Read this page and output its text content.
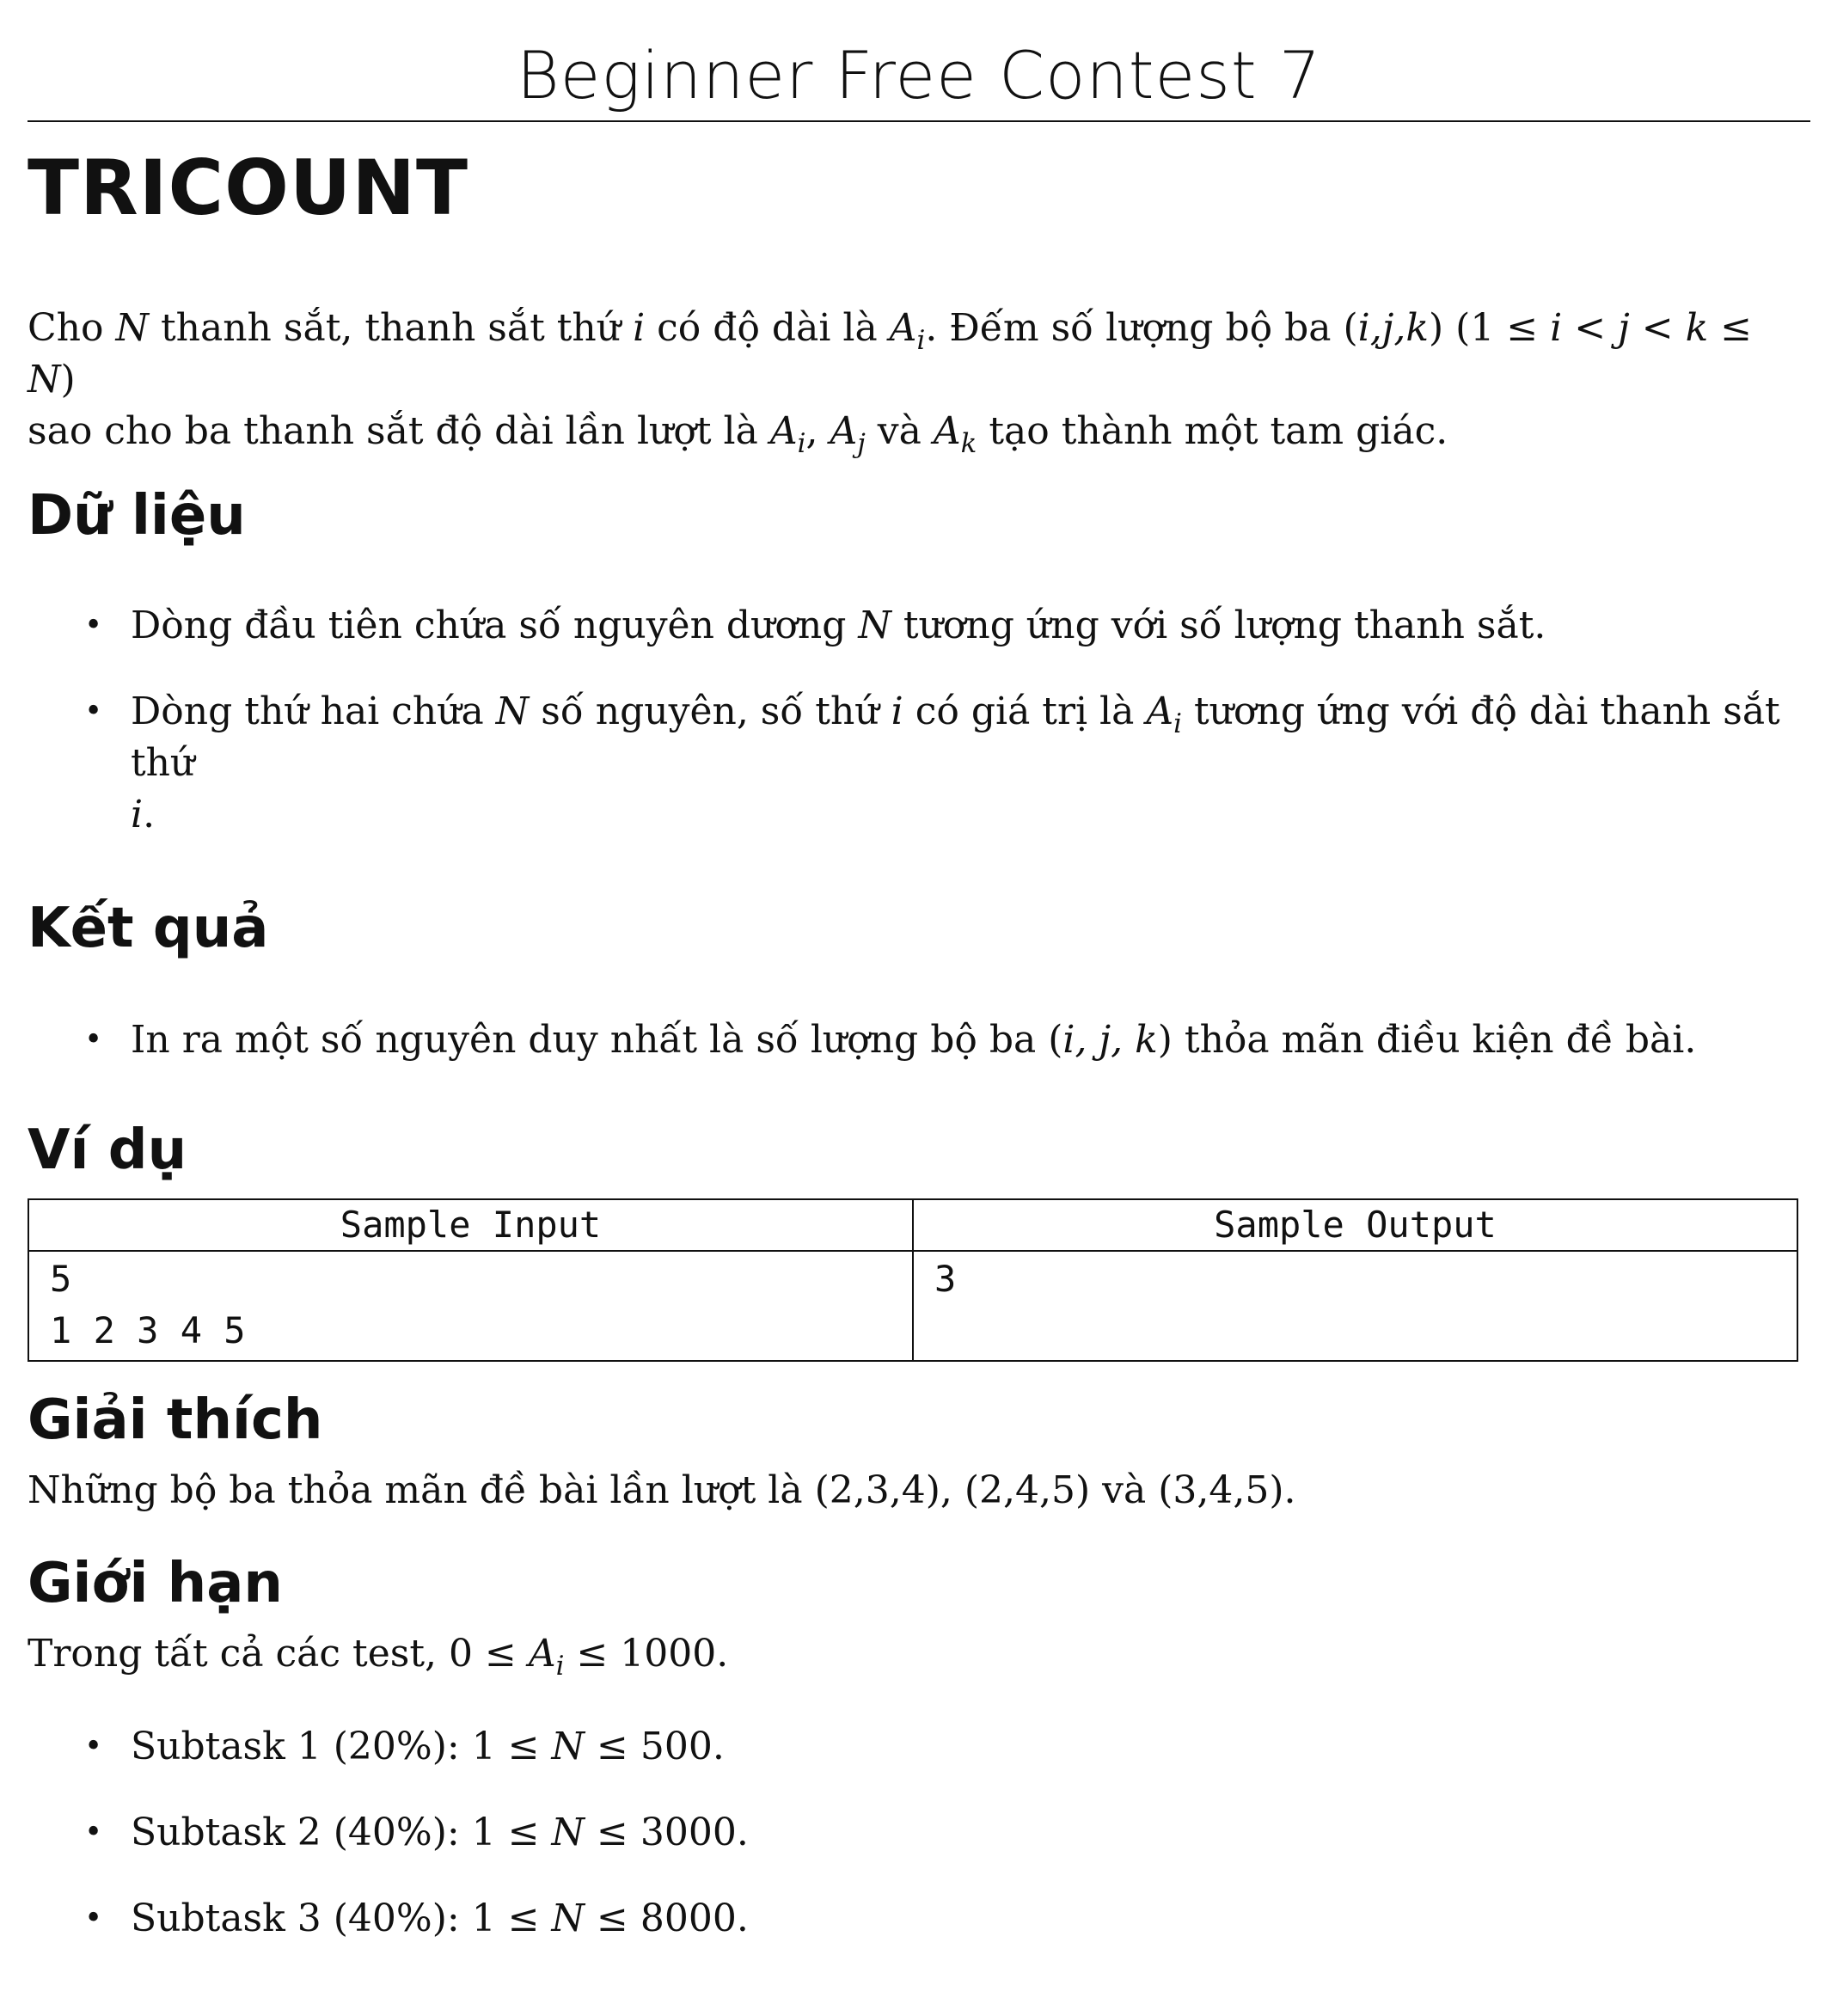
Beginner Free Contest 7
TRICOUNT

Cho N thanh sắt, thanh sắt thứ i có độ dài là $A_i$. Đếm số lượng bộ ba (i,j,k) (1 ≤ i < j < k ≤ N)
sao cho ba thanh sắt độ dài lần lượt là $A_i$, $A_j$ và $A_k$ tạo thành một tam giác.

Dữ liệu
• Dòng đầu tiên chứa số nguyên dương N tương ứng với số lượng thanh sắt.
• Dòng thứ hai chứa N số nguyên, số thứ i có giá trị là $A_i$ tương ứng với độ dài thanh sắt thứ
i.
Kết quả
• In ra một số nguyên duy nhất là số lượng bộ ba (i, j, k) thỏa mãn điều kiện đề bài.
Ví dụ
Sample Input	Sample Output

5
1 2 3 4 5	3
Giải thích

Những bộ ba thỏa mãn đề bài lần lượt là (2,3,4), (2,4,5) và (3,4,5).

Giới hạn

Trong tất cả các test, $0 \le A_i \le 1000$.

• Subtask 1 (20%): 1 ≤ N ≤ 500.
• Subtask 2 (40%): 1 ≤ N ≤ 3000.
• Subtask 3 (40%): 1 ≤ N ≤ 8000.
